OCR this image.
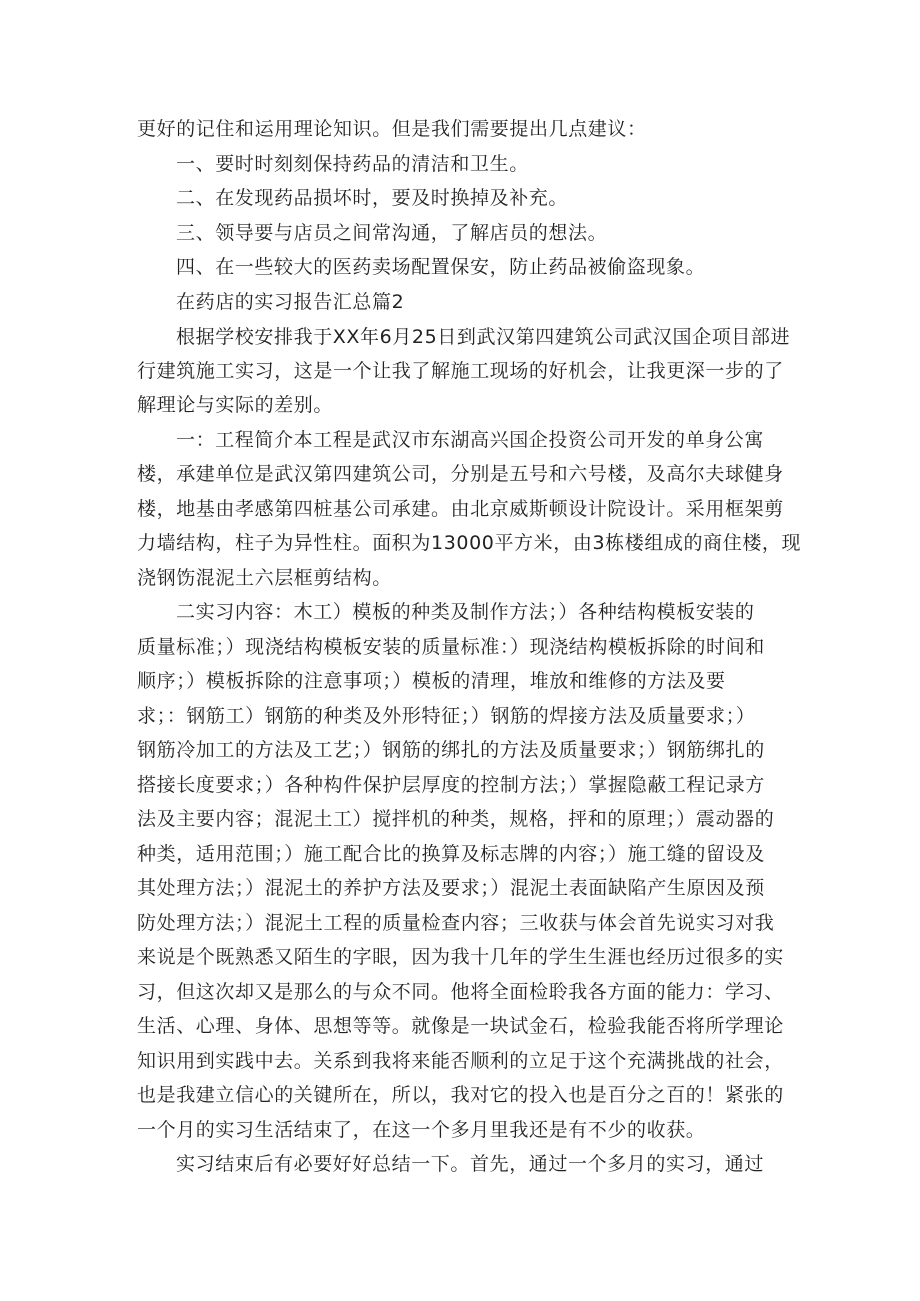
更好的记住和运用理论知识。但是我们需要提出几点建议：
一、要时时刻刻保持药品的清洁和卫生。
二、在发现药品损坏时，要及时换掉及补充。
三、领导要与店员之间常沟通，了解店员的想法。
四、在一些较大的医药卖场配置保安，防止药品被偷盗现象。
在药店的实习报告汇总篇2
根据学校安排我于XX年6月25日到武汉第四建筑公司武汉国企项目部进
行建筑施工实习，这是一个让我了解施工现场的好机会，让我更深一步的了
解理论与实际的差别。
一：工程简介本工程是武汉市东湖高兴国企投资公司开发的单身公寓
楼，承建单位是武汉第四建筑公司，分别是五号和六号楼，及高尔夫球健身
楼，地基由孝感第四桩基公司承建。由北京威斯顿设计院设计。采用框架剪
力墙结构，柱子为异性柱。面积为13000平方米，由3栋楼组成的商住楼，现
浇钢饬混泥土六层框剪结构。
二实习内容：木工）模板的种类及制作方法；）各种结构模板安装的
质量标准；）现浇结构模板安装的质量标准：）现浇结构模板拆除的时间和
顺序；）模板拆除的注意事项；）模板的清理，堆放和维修的方法及要
求；：钢筋工）钢筋的种类及外形特征；）钢筋的焊接方法及质量要求；）
钢筋冷加工的方法及工艺；）钢筋的绑扎的方法及质量要求；）钢筋绑扎的
搭接长度要求；）各种构件保护层厚度的控制方法；）掌握隐蔽工程记录方
法及主要内容；混泥土工）搅拌机的种类，规格，抨和的原理；）震动器的
种类，适用范围；）施工配合比的换算及标志牌的内容；）施工缝的留设及
其处理方法；）混泥土的养护方法及要求；）混泥土表面缺陷产生原因及预
防处理方法；）混泥土工程的质量检查内容；三收获与体会首先说实习对我
来说是个既熟悉又陌生的字眼，因为我十几年的学生生涯也经历过很多的实
习，但这次却又是那么的与众不同。他将全面检聆我各方面的能力：学习、
生活、心理、身体、思想等等。就像是一块试金石，检验我能否将所学理论
知识用到实践中去。关系到我将来能否顺利的立足于这个充满挑战的社会，
也是我建立信心的关键所在，所以，我对它的投入也是百分之百的！紧张的
一个月的实习生活结束了，在这一个多月里我还是有不少的收获。
实习结束后有必要好好总结一下。首先，通过一个多月的实习，通过
